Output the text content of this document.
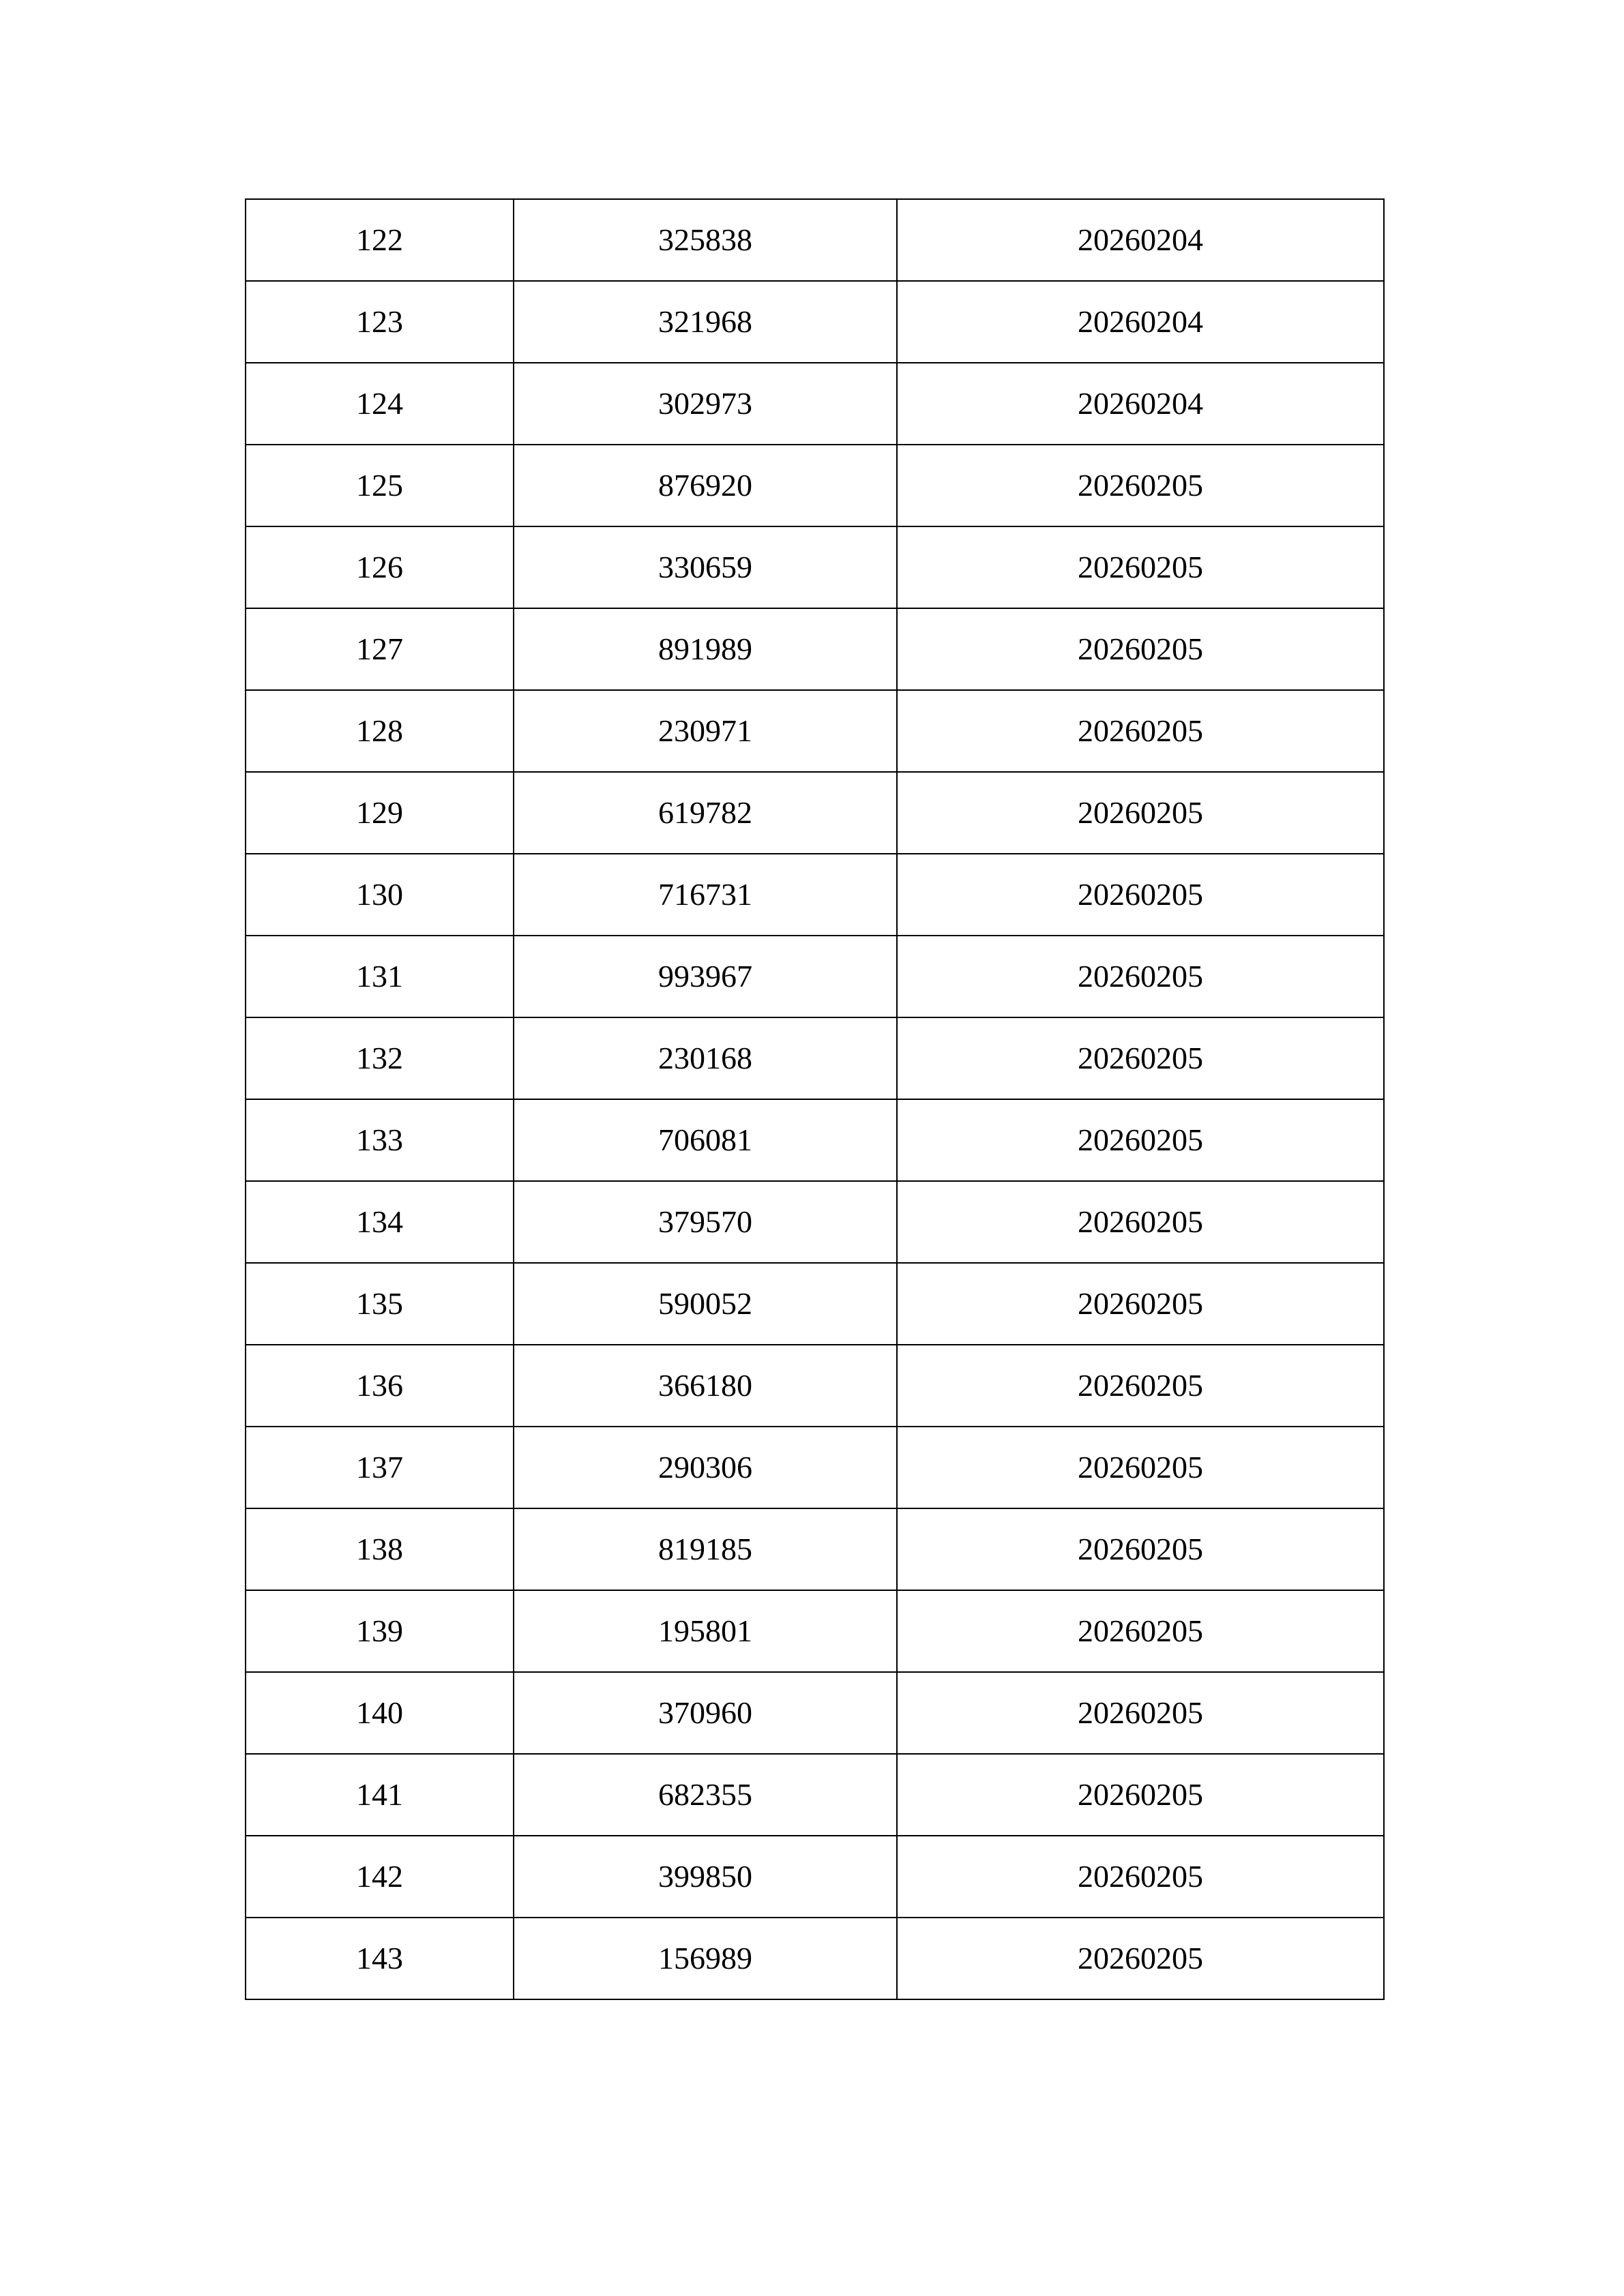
122	325838	20260204
123	321968	20260204
124	302973	20260204
125	876920	20260205
126	330659	20260205
127	891989	20260205
128	230971	20260205
129	619782	20260205
130	716731	20260205
131	993967	20260205
132	230168	20260205
133	706081	20260205
134	379570	20260205
135	590052	20260205
136	366180	20260205
137	290306	20260205
138	819185	20260205
139	195801	20260205
140	370960	20260205
141	682355	20260205
142	399850	20260205
143	156989	20260205
